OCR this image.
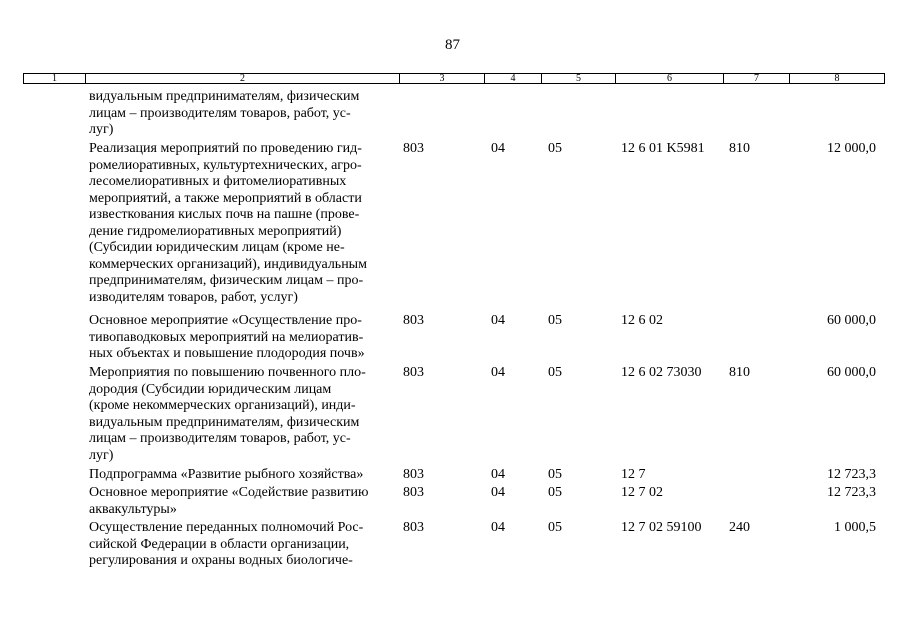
87
1	2	3	4	5	6	7	8
видуальным предпринимателям, физическим
лицам – производителям товаров, работ, ус-
луг)
Реализация мероприятий по проведению гид-
ромелиоративных, культуртехнических, агро-
лесомелиоративных и фитомелиоративных
мероприятий, а также мероприятий в области
известкования кислых почв на пашне (прове-
дение гидромелиоративных мероприятий)
(Субсидии юридическим лицам (кроме не-
коммерческих организаций), индивидуальным
предпринимателям, физическим лицам – про-
изводителям товаров, работ, услуг)
803	04	05	12 6 01 K5981 810	12 000,0
Основное мероприятие «Осуществление про-
тивопаводковых мероприятий на мелиоратив-
ных объектах и повышение плодородия почв»
803	04	05	12 6 02	60 000,0
Мероприятия по повышению почвенного пло-
дородия (Субсидии юридическим лицам
(кроме некоммерческих организаций), инди-
видуальным предпринимателям, физическим
лицам – производителям товаров, работ, ус-
луг)
803	04	05	12 6 02 73030 810	60 000,0
Подпрограмма «Развитие рыбного хозяйства»	803	04	05	12 7	12 723,3
Основное мероприятие «Содействие развитию
аквакультуры»
803	04	05	12 7 02	12 723,3
Осуществление переданных полномочий Рос-
сийской Федерации в области организации,
регулирования и охраны водных биологиче-
803	04	05	12 7 02 59100 240	1 000,5
